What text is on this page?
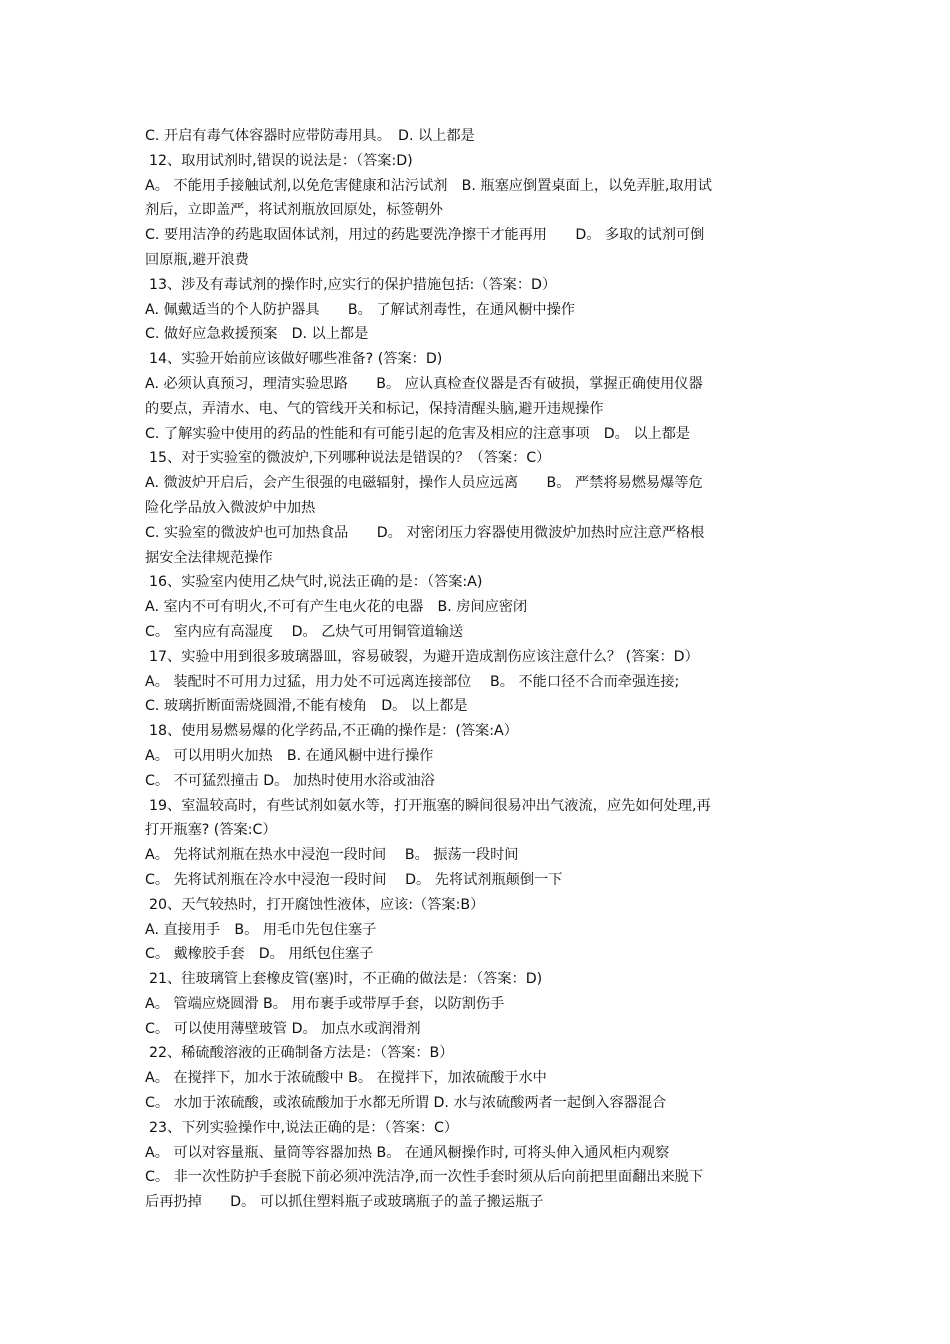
C. 开启有毒气体容器时应带防毒用具。　D. 以上都是
12、取用试剂时,错误的说法是：（答案:D)
A。 不能用手接触试剂,以免危害健康和沾污试剂　B. 瓶塞应倒置桌面上，以免弄脏,取用试
剂后，立即盖严，将试剂瓶放回原处，标签朝外
C. 要用洁净的药匙取固体试剂，用过的药匙要洗净擦干才能再用　　D。 多取的试剂可倒
回原瓶,避开浪费
13、涉及有毒试剂的操作时,应实行的保护措施包括:（答案：D）
A. 佩戴适当的个人防护器具　　B。 了解试剂毒性，在通风橱中操作
C. 做好应急救援预案　D. 以上都是
14、实验开始前应该做好哪些准备? (答案：D)
A. 必须认真预习，理清实验思路　　B。 应认真检查仪器是否有破损，掌握正确使用仪器
的要点，弄清水、电、气的管线开关和标记，保持清醒头脑,避开违规操作
C. 了解实验中使用的药品的性能和有可能引起的危害及相应的注意事项　D。 以上都是
15、对于实验室的微波炉,下列哪种说法是错误的？（答案：C）
A. 微波炉开启后，会产生很强的电磁辐射，操作人员应远离　　B。 严禁将易燃易爆等危
险化学品放入微波炉中加热
C. 实验室的微波炉也可加热食品　　D。 对密闭压力容器使用微波炉加热时应注意严格根
据安全法律规范操作
16、实验室内使用乙炔气时,说法正确的是：（答案:A)
A. 室内不可有明火,不可有产生电火花的电器　B. 房间应密闭
C。 室内应有高湿度　 D。 乙炔气可用铜管道输送
17、实验中用到很多玻璃器皿，容易破裂，为避开造成割伤应该注意什么？ (答案：D）
A。 装配时不可用力过猛，用力处不可远离连接部位　 B。 不能口径不合而牵强连接;
C. 玻璃折断面需烧圆滑,不能有棱角　D。 以上都是
18、使用易燃易爆的化学药品,不正确的操作是：(答案:A）
A。 可以用明火加热　B. 在通风橱中进行操作
C。 不可猛烈撞击 D。 加热时使用水浴或油浴
19、室温较高时，有些试剂如氨水等，打开瓶塞的瞬间很易冲出气液流，应先如何处理,再
打开瓶塞? (答案:C）
A。 先将试剂瓶在热水中浸泡一段时间　 B。 振荡一段时间
C。 先将试剂瓶在冷水中浸泡一段时间　 D。 先将试剂瓶颠倒一下
20、天气较热时，打开腐蚀性液体，应该:（答案:B）
A. 直接用手　B。 用毛巾先包住塞子
C。 戴橡胶手套　D。 用纸包住塞子
21、往玻璃管上套橡皮管(塞)时，不正确的做法是：（答案：D)
A。 管端应烧圆滑 B。 用布裹手或带厚手套，以防割伤手
C。 可以使用薄壁玻管 D。 加点水或润滑剂
22、稀硫酸溶液的正确制备方法是：（答案：B）
A。 在搅拌下，加水于浓硫酸中 B。 在搅拌下，加浓硫酸于水中
C。 水加于浓硫酸，或浓硫酸加于水都无所谓 D. 水与浓硫酸两者一起倒入容器混合
23、下列实验操作中,说法正确的是：（答案：C）
A。 可以对容量瓶、量筒等容器加热 B。 在通风橱操作时, 可将头伸入通风柜内观察
C。 非一次性防护手套脱下前必须冲洗洁净,而一次性手套时须从后向前把里面翻出来脱下
后再扔掉　　D。 可以抓住塑料瓶子或玻璃瓶子的盖子搬运瓶子
